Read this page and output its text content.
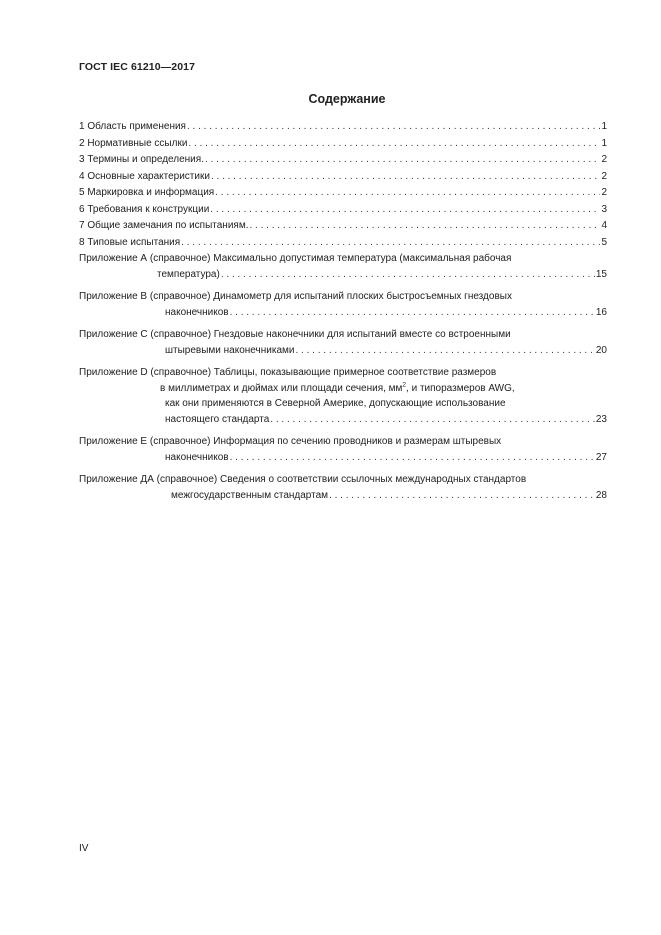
ГОСТ IEC 61210—2017
Содержание
1 Область применения . . .	1
2 Нормативные ссылки . . .	1
3 Термины и определения. . . .	2
4 Основные характеристики . . .	2
5 Маркировка и информация . . .	2
6 Требования к конструкции . . .	3
7 Общие замечания по испытаниям. . . .	4
8 Типовые испытания . . .	5
Приложение А (справочное) Максимально допустимая температура (максимальная рабочая
температура) . . .	15
Приложение В (справочное) Динамометр для испытаний плоских быстросъемных гнездовых
наконечников . . .	16
Приложение С (справочное) Гнездовые наконечники для испытаний вместе со встроенными
штыревыми наконечниками . . .	20
Приложение D (справочное) Таблицы, показывающие примерное соответствие размеров
в миллиметрах и дюймах или площади сечения, $мм^2$, и типоразмеров AWG,
как они применяются в Северной Америке, допускающие использование
настоящего стандарта . . .	23
Приложение Е (справочное) Информация по сечению проводников и размерам штыревых
наконечников . . .	27
Приложение ДА (справочное) Сведения о соответствии ссылочных международных стандартов
межгосударственным стандартам . . .	28
IV
